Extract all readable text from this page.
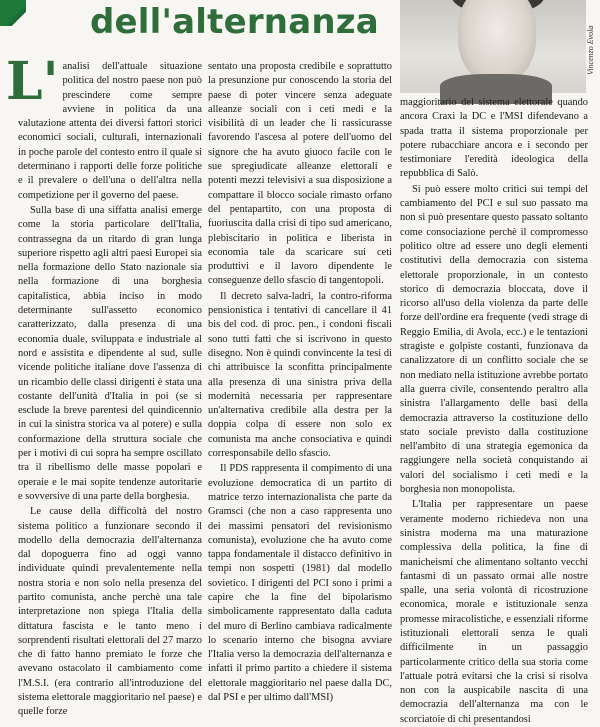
dell'alternanza
Vincenzo Evola

L' analisi dell'attuale situazione politica del nostro paese non può prescindere come sempre avviene in politica da una valutazione attenta dei diversi fattori storici economici sociali, culturali, internazionali in poche parole del contesto entro il quale si determinano i rapporti delle forze politiche e il prevalere o dell'una o dell'altra nella competizione per il governo del paese.

Sulla base di una siffatta analisi emerge come la storia particolare dell'Italia, contrassegna da un ritardo di gran lunga superiore rispetto agli altri paesi Europei sia nella formazione dello Stato nazionale sia nella formazione di una borghesia capitalistica, abbia inciso in modo determinante sull'assetto economico caratterizzato, dalla presenza di una economia duale, sviluppata e industriale al nord e assistita e dipendente al sud, sulle vicende politiche italiane dove l'assenza di un ricambio delle classi dirigenti è stata una costante dell'unità d'Italia in poi (se si esclude la breve parentesi del quindicennio in cui la sinistra storica va al potere) e sulla conformazione della struttura sociale che per i motivi di cui sopra ha sempre oscillato tra il ribellismo delle masse popolari e operaie e le mai sopite tendenze autoritarie e sovversive di una parte della borghesia.

Le cause della difficoltà del nostro sistema politico a funzionare secondo il modello della democrazia dell'alternanza dal dopoguerra fino ad oggi vanno individuate quindi prevalentemente nella nostra storia e non solo nella presenza del partito comunista, anche perchè una tale interpretazione non spiega l'Italia della dittatura fascista e le tanto meno i sorprendenti risultati elettorali del 27 marzo che di fatto hanno premiato le forze che avevano ostacolato il cambiamento come l'M.S.I. (era contrario all'introduzione del sistema elettorale maggioritario nel paese) e quelle forze

sentato una proposta credibile e soprattutto la presunzione pur conoscendo la storia del paese di poter vincere senza adeguate alleanze sociali con i ceti medi e la visibilità di un leader che li rassicurasse favorendo l'ascesa al potere dell'uomo del signore che ha avuto giuoco facile con le sue spregiudicate alleanze elettorali e potenti mezzi televisivi a sua disposizione a compattare il blocco sociale rimasto orfano del pentapartito, con una proposta di fuoriuscita dalla crisi di tipo sud americano, plebiscitario in politica e liberista in economia tale da scaricare sui ceti produttivi e il lavoro dipendente le conseguenze dello sfascio di tangentopoli.

Il decreto salva-ladri, la contro-riforma pensionistica i tentativi di cancellare il 41 bis del cod. di proc. pen., i condoni fiscali sono tutti fatti che si iscrivono in questo disegno. Non è quindi convincente la tesi di chi attribuisce la sconfitta principalmente alla presenza di una sinistra priva della modernità necessaria per rappresentare un'alternativa credibile alla destra per la doppia colpa di essere non solo ex comunista ma anche consociativa e quindi corresponsabile dello sfascio.

Il PDS rappresenta il compimento di una evoluzione democratica di un partito di matrice terzo internazionalista che parte da Gramsci (che non a caso rappresenta uno dei massimi pensatori del revisionismo comunista), evoluzione che ha avuto come tappa fondamentale il distacco definitivo in tempi non sospetti (1981) dal modello sovietico. I dirigenti del PCI sono i primi a capire che la fine del bipolarismo simbolicamente rappresentato dalla caduta del muro di Berlino cambiava radicalmente lo scenario interno che bisogna avviare l'Italia verso la democrazia dell'alternanza e infatti il primo partito a chiedere il sistema elettorale maggioritario nel paese dalla DC, dal PSI e per ultimo dall'MSI)

maggioritario del sistema elettorale quando ancora Craxi la DC e l'MSI difendevano a spada tratta il sistema proporzionale per potere rubacchiare ancora e i secondo per testimoniare l'eredità ideologica della repubblica di Salò.

Si può essere molto critici sui tempi del cambiamento del PCI e sul suo passato ma non si può presentare questo passato soltanto come consociazione perchè il compromesso politico oltre ad essere uno degli elementi costitutivi della democrazia con sistema elettorale proporzionale, in un contesto storico di democrazia bloccata, dove il ricorso all'uso della violenza da parte delle forze dell'ordine era frequente (vedi strage di Reggio Emilia, di Avola, ecc.) e le tentazioni stragiste e golpiste costanti, funzionava da canalizzatore di un conflitto sociale che se non mediato nella istituzione avrebbe portato alla guerra civile, consentendo peraltro alla sinistra l'allargamento delle basi della democrazia attraverso la costituzione dello stato sociale previsto dalla costituzione nell'ambito di una strategia egemonica da raggiungere nella società conquistando ai valori del socialismo i ceti medi e la borghesia non monopolista.

L'Italia per rappresentare un paese veramente moderno richiedeva non una sinistra moderna ma una maturazione complessiva della politica, la fine di manicheismi che alimentano soltanto vecchi fantasmi di un passato ormai alle nostre spalle, una seria volontà di ricostruzione economica, morale e istituzionale senza promesse miracolistiche, e essenziali riforme istituzionali elettorali senza le quali difficilmente in un passaggio particolarmente critico della sua storia come l'attuale potrà evitarsi che la crisi si risolva non con la auspicabile nascita di una democrazia dell'alternanza ma con le scorciatoie di chi presentandosi
